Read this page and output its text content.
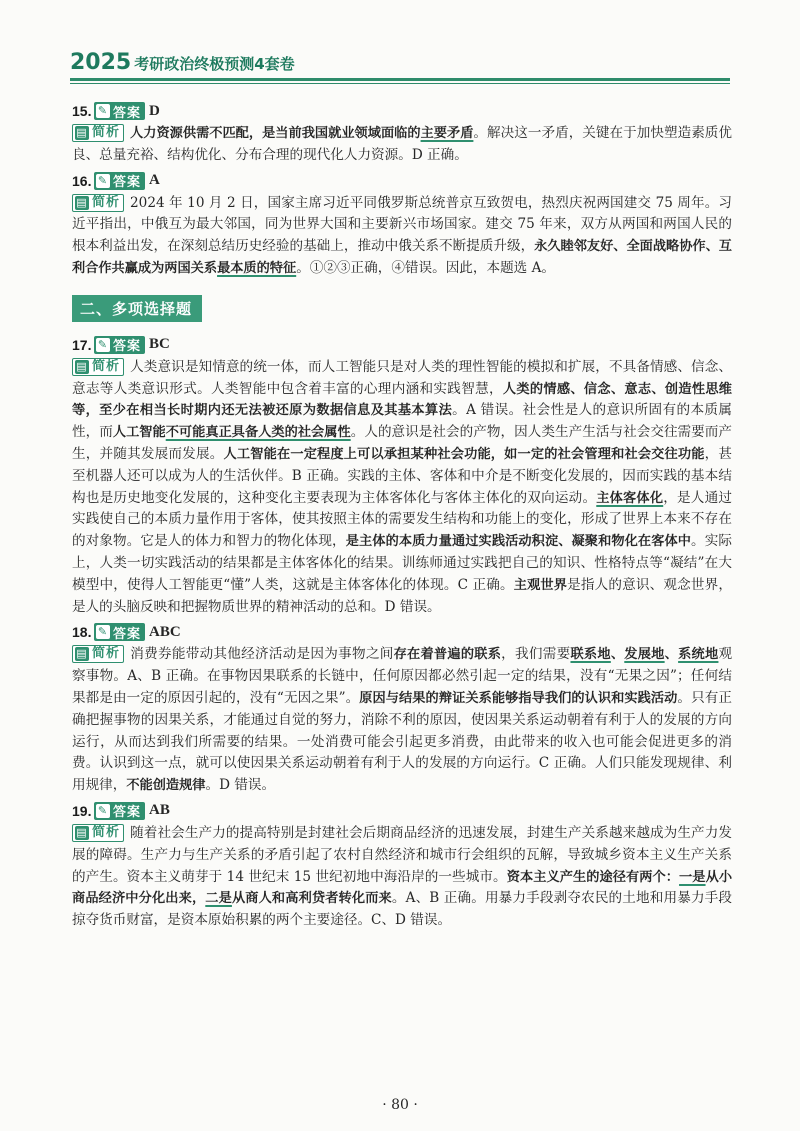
2025 考研政治终极预测4套卷
15. ✎ 答案 D
▤ 简析 人力资源供需不匹配，是当前我国就业领域面临的主要矛盾。解决这一矛盾，关键在于加快塑造素质优良、总量充裕、结构优化、分布合理的现代化人力资源。D 正确。
16. ✎ 答案 A
▤ 简析 2024 年 10 月 2 日，国家主席习近平同俄罗斯总统普京互致贺电，热烈庆祝两国建交 75 周年。习近平指出，中俄互为最大邻国，同为世界大国和主要新兴市场国家。建交 75 年来，双方从两国和两国人民的根本利益出发，在深刻总结历史经验的基础上，推动中俄关系不断提质升级，永久睦邻友好、全面战略协作、互利合作共赢成为两国关系最本质的特征。①②③正确，④错误。因此，本题选 A。
二、多项选择题
17. ✎ 答案 BC
▤ 简析 人类意识是知情意的统一体，而人工智能只是对人类的理性智能的模拟和扩展，不具备情感、信念、意志等人类意识形式。人类智能中包含着丰富的心理内涵和实践智慧，人类的情感、信念、意志、创造性思维等，至少在相当长时期内还无法被还原为数据信息及其基本算法。A 错误。社会性是人的意识所固有的本质属性，而人工智能不可能真正具备人类的社会属性。人的意识是社会的产物，因人类生产生活与社会交往需要而产生，并随其发展而发展。人工智能在一定程度上可以承担某种社会功能，如一定的社会管理和社会交往功能，甚至机器人还可以成为人的生活伙伴。B 正确。实践的主体、客体和中介是不断变化发展的，因而实践的基本结构也是历史地变化发展的，这种变化主要表现为主体客体化与客体主体化的双向运动。主体客体化，是人通过实践使自己的本质力量作用于客体，使其按照主体的需要发生结构和功能上的变化，形成了世界上本来不存在的对象物。它是人的体力和智力的物化体现，是主体的本质力量通过实践活动积淀、凝聚和物化在客体中。实际上，人类一切实践活动的结果都是主体客体化的结果。训练师通过实践把自己的知识、性格特点等“凝结”在大模型中，使得人工智能更“懂”人类，这就是主体客体化的体现。C 正确。主观世界是指人的意识、观念世界，是人的头脑反映和把握物质世界的精神活动的总和。D 错误。
18. ✎ 答案 ABC
▤ 简析 消费券能带动其他经济活动是因为事物之间存在着普遍的联系，我们需要联系地、发展地、系统地观察事物。A、B 正确。在事物因果联系的长链中，任何原因都必然引起一定的结果，没有“无果之因”；任何结果都是由一定的原因引起的，没有“无因之果”。原因与结果的辩证关系能够指导我们的认识和实践活动。只有正确把握事物的因果关系，才能通过自觉的努力，消除不利的原因，使因果关系运动朝着有利于人的发展的方向运行，从而达到我们所需要的结果。一处消费可能会引起更多消费，由此带来的收入也可能会促进更多的消费。认识到这一点，就可以使因果关系运动朝着有利于人的发展的方向运行。C 正确。人们只能发现规律、利用规律，不能创造规律。D 错误。
19. ✎ 答案 AB
▤ 简析 随着社会生产力的提高特别是封建社会后期商品经济的迅速发展，封建生产关系越来越成为生产力发展的障碍。生产力与生产关系的矛盾引起了农村自然经济和城市行会组织的瓦解，导致城乡资本主义生产关系的产生。资本主义萌芽于 14 世纪末 15 世纪初地中海沿岸的一些城市。资本主义产生的途径有两个：一是从小商品经济中分化出来，二是从商人和高利贷者转化而来。A、B 正确。用暴力手段剥夺农民的土地和用暴力手段掠夺货币财富，是资本原始积累的两个主要途径。C、D 错误。
· 80 ·
